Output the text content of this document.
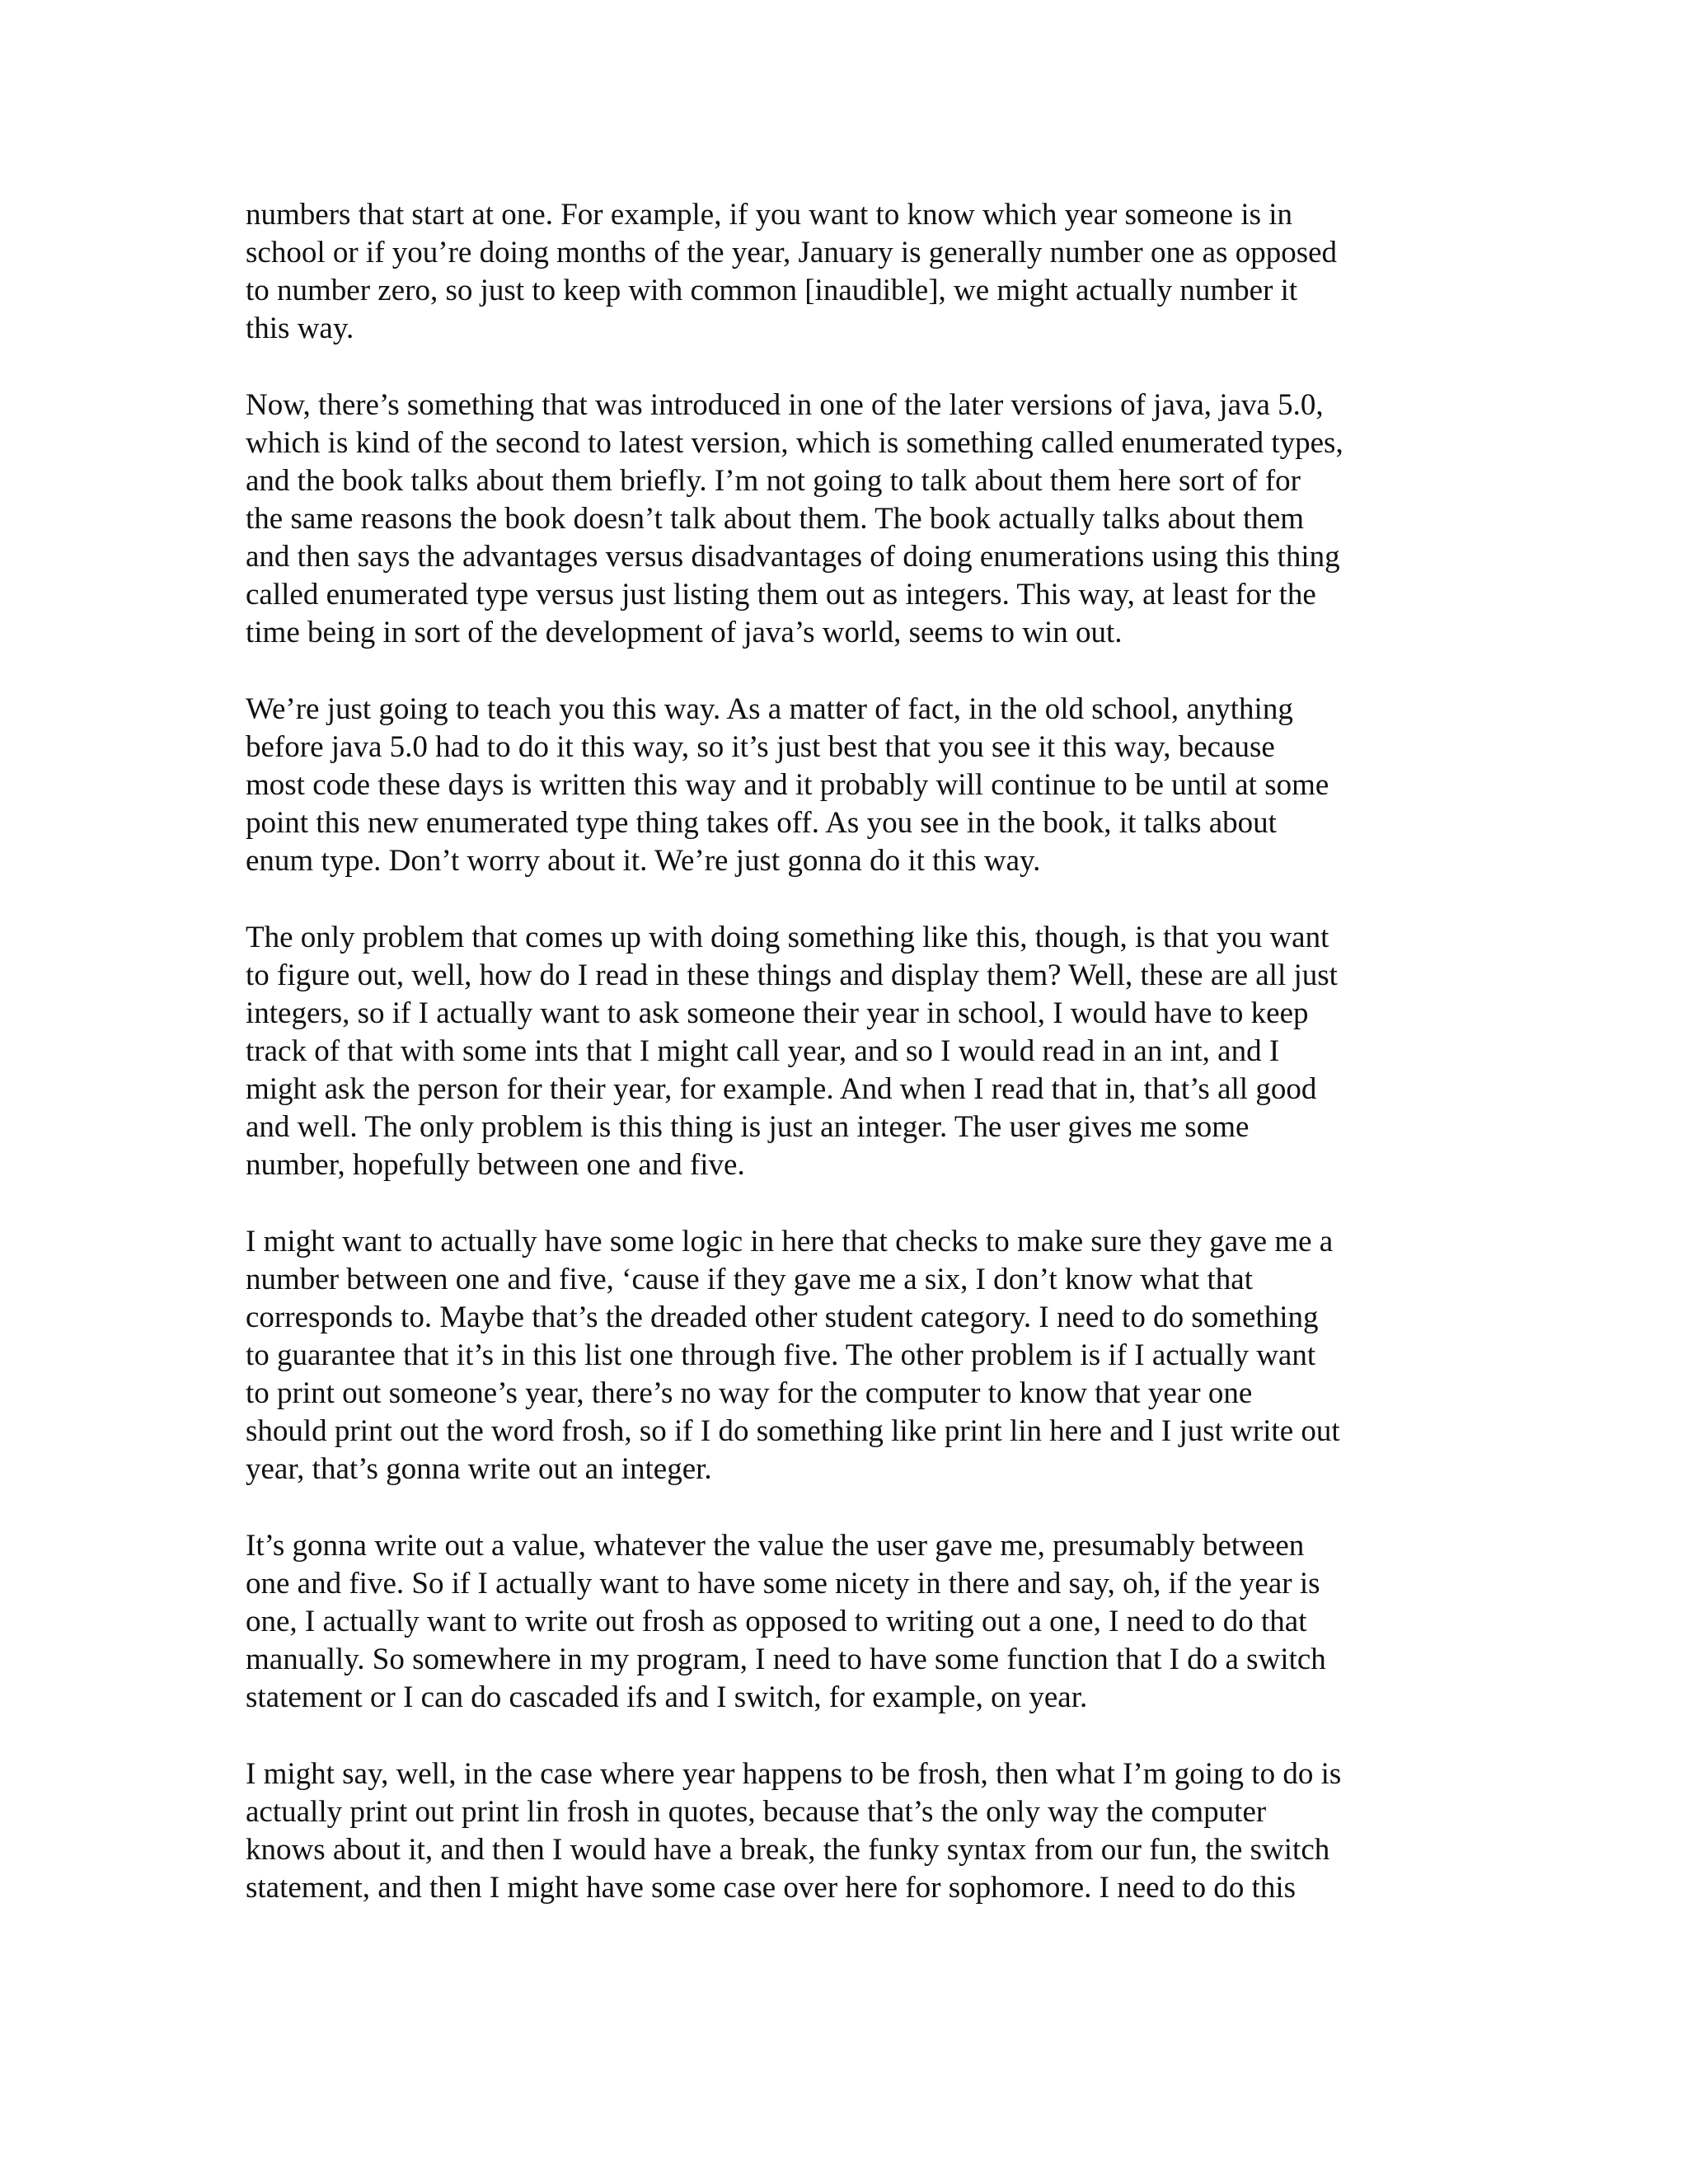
numbers that start at one. For example, if you want to know which year someone is in
school or if you’re doing months of the year, January is generally number one as opposed
to number zero, so just to keep with common [inaudible], we might actually number it
this way.
Now, there’s something that was introduced in one of the later versions of java, java 5.0,
which is kind of the second to latest version, which is something called enumerated types,
and the book talks about them briefly. I’m not going to talk about them here sort of for
the same reasons the book doesn’t talk about them. The book actually talks about them
and then says the advantages versus disadvantages of doing enumerations using this thing
called enumerated type versus just listing them out as integers. This way, at least for the
time being in sort of the development of java’s world, seems to win out.
We’re just going to teach you this way. As a matter of fact, in the old school, anything
before java 5.0 had to do it this way, so it’s just best that you see it this way, because
most code these days is written this way and it probably will continue to be until at some
point this new enumerated type thing takes off. As you see in the book, it talks about
enum type. Don’t worry about it. We’re just gonna do it this way.
The only problem that comes up with doing something like this, though, is that you want
to figure out, well, how do I read in these things and display them? Well, these are all just
integers, so if I actually want to ask someone their year in school, I would have to keep
track of that with some ints that I might call year, and so I would read in an int, and I
might ask the person for their year, for example. And when I read that in, that’s all good
and well. The only problem is this thing is just an integer. The user gives me some
number, hopefully between one and five.
I might want to actually have some logic in here that checks to make sure they gave me a
number between one and five, ‘cause if they gave me a six, I don’t know what that
corresponds to. Maybe that’s the dreaded other student category. I need to do something
to guarantee that it’s in this list one through five. The other problem is if I actually want
to print out someone’s year, there’s no way for the computer to know that year one
should print out the word frosh, so if I do something like print lin here and I just write out
year, that’s gonna write out an integer.
It’s gonna write out a value, whatever the value the user gave me, presumably between
one and five. So if I actually want to have some nicety in there and say, oh, if the year is
one, I actually want to write out frosh as opposed to writing out a one, I need to do that
manually. So somewhere in my program, I need to have some function that I do a switch
statement or I can do cascaded ifs and I switch, for example, on year.
I might say, well, in the case where year happens to be frosh, then what I’m going to do is
actually print out print lin frosh in quotes, because that’s the only way the computer
knows about it, and then I would have a break, the funky syntax from our fun, the switch
statement, and then I might have some case over here for sophomore. I need to do this
